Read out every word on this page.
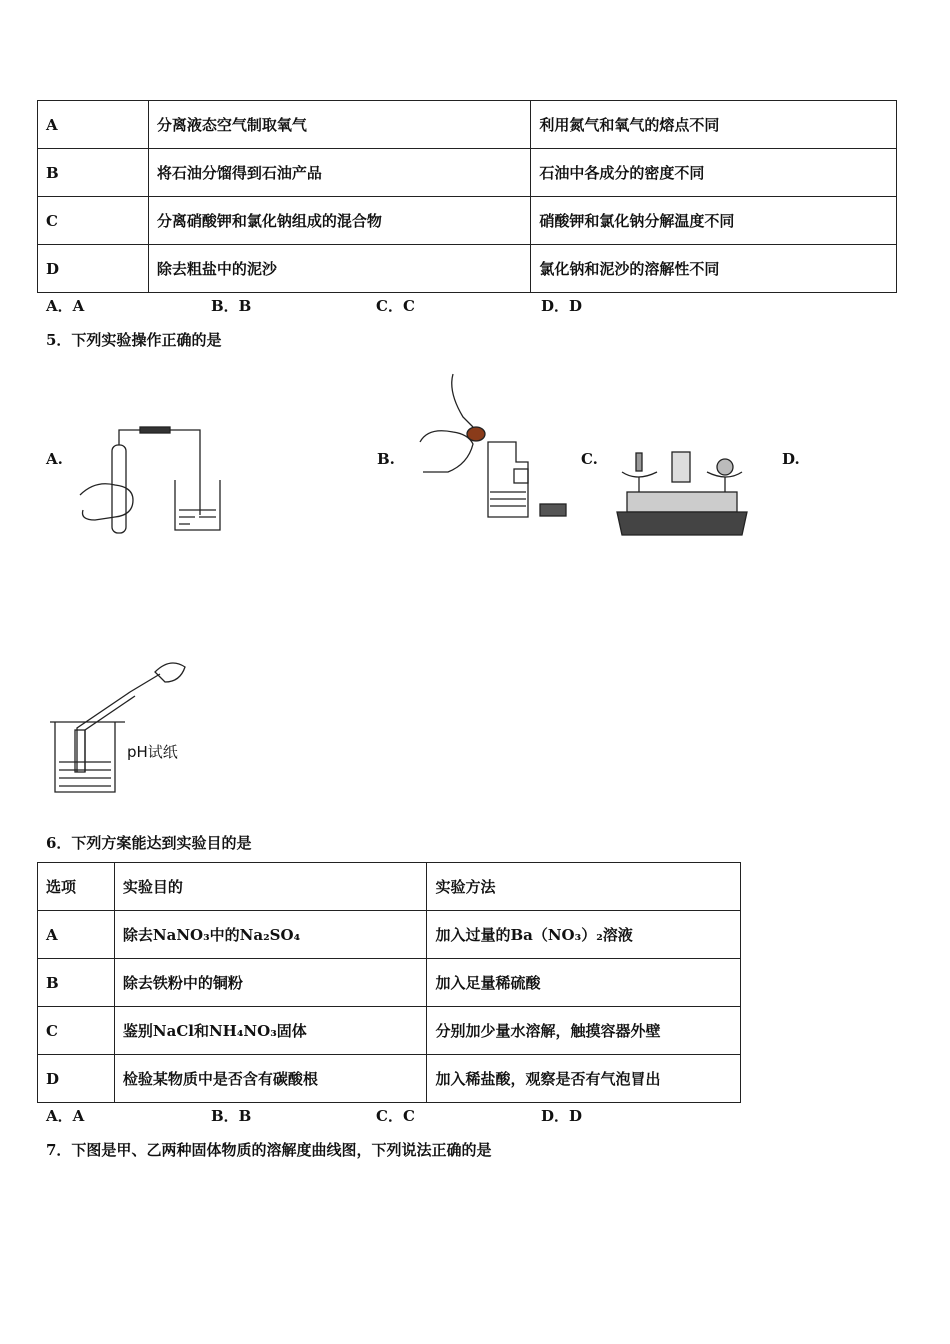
A	分离液态空气制取氧气	利用氮气和氧气的熔点不同
B	将石油分馏得到石油产品	石油中各成分的密度不同
C	分离硝酸钾和氯化钠组成的混合物	硝酸钾和氯化钠分解温度不同
D	除去粗盐中的泥沙	氯化钠和泥沙的溶解性不同
A．A	B．B	C．C	D．D
5．下列实验操作正确的是
A.	B.	C.	D.
pH试纸
6．下列方案能达到实验目的是
选项	实验目的	实验方法
A	除去NaNO₃中的Na₂SO₄	加入过量的Ba（NO₃）₂溶液
B	除去铁粉中的铜粉	加入足量稀硫酸
C	鉴别NaCl和NH₄NO₃固体	分别加少量水溶解，触摸容器外壁
D	检验某物质中是否含有碳酸根	加入稀盐酸，观察是否有气泡冒出
A．A	B．B	C．C	D．D
7．下图是甲、乙两种固体物质的溶解度曲线图，下列说法正确的是
